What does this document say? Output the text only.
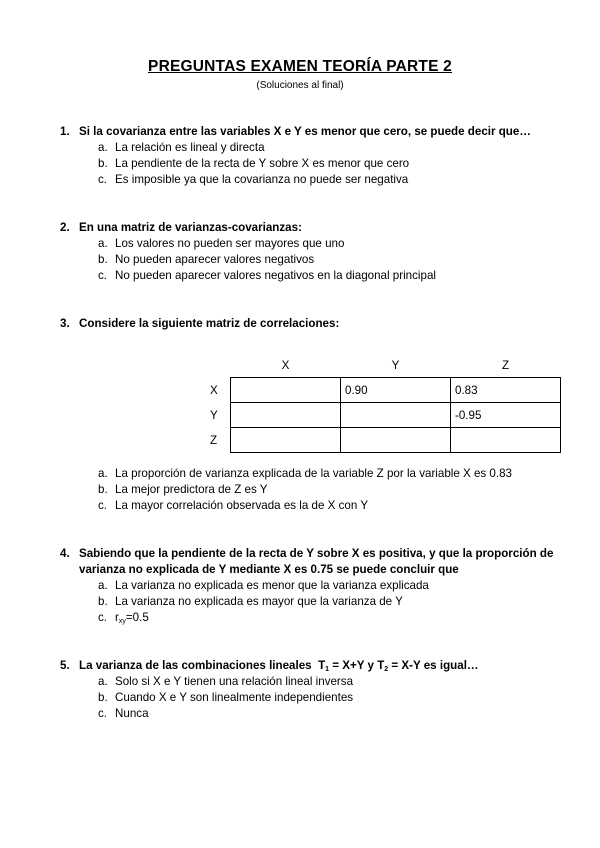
PREGUNTAS EXAMEN TEORÍA PARTE 2
(Soluciones al final)
1. Si la covarianza entre las variables X e Y es menor que cero, se puede decir que…
a. La relación es lineal y directa
b. La pendiente de la recta de Y sobre X es menor que cero
c. Es imposible ya que la covarianza no puede ser negativa
2. En una matriz de varianzas-covarianzas:
a. Los valores no pueden ser mayores que uno
b. No pueden aparecer valores negativos
c. No pueden aparecer valores negativos en la diagonal principal
3. Considere la siguiente matriz de correlaciones:
	X	Y	Z
X		0.90	0.83
Y			-0.95
Z			
a. La proporción de varianza explicada de la variable Z por la variable X es 0.83
b. La mejor predictora de Z es Y
c. La mayor correlación observada es la de X con Y
4. Sabiendo que la pendiente de la recta de Y sobre X es positiva, y que la proporción de varianza no explicada de Y mediante X es 0.75 se puede concluir que
a. La varianza no explicada es menor que la varianza explicada
b. La varianza no explicada es mayor que la varianza de Y
c. $r_{xy}=0.5$
5. La varianza de las combinaciones lineales  $T_1 = X+Y$ y $T_2 = X-Y$ es igual…
a. Solo si X e Y tienen una relación lineal inversa
b. Cuando X e Y son linealmente independientes
c. Nunca
